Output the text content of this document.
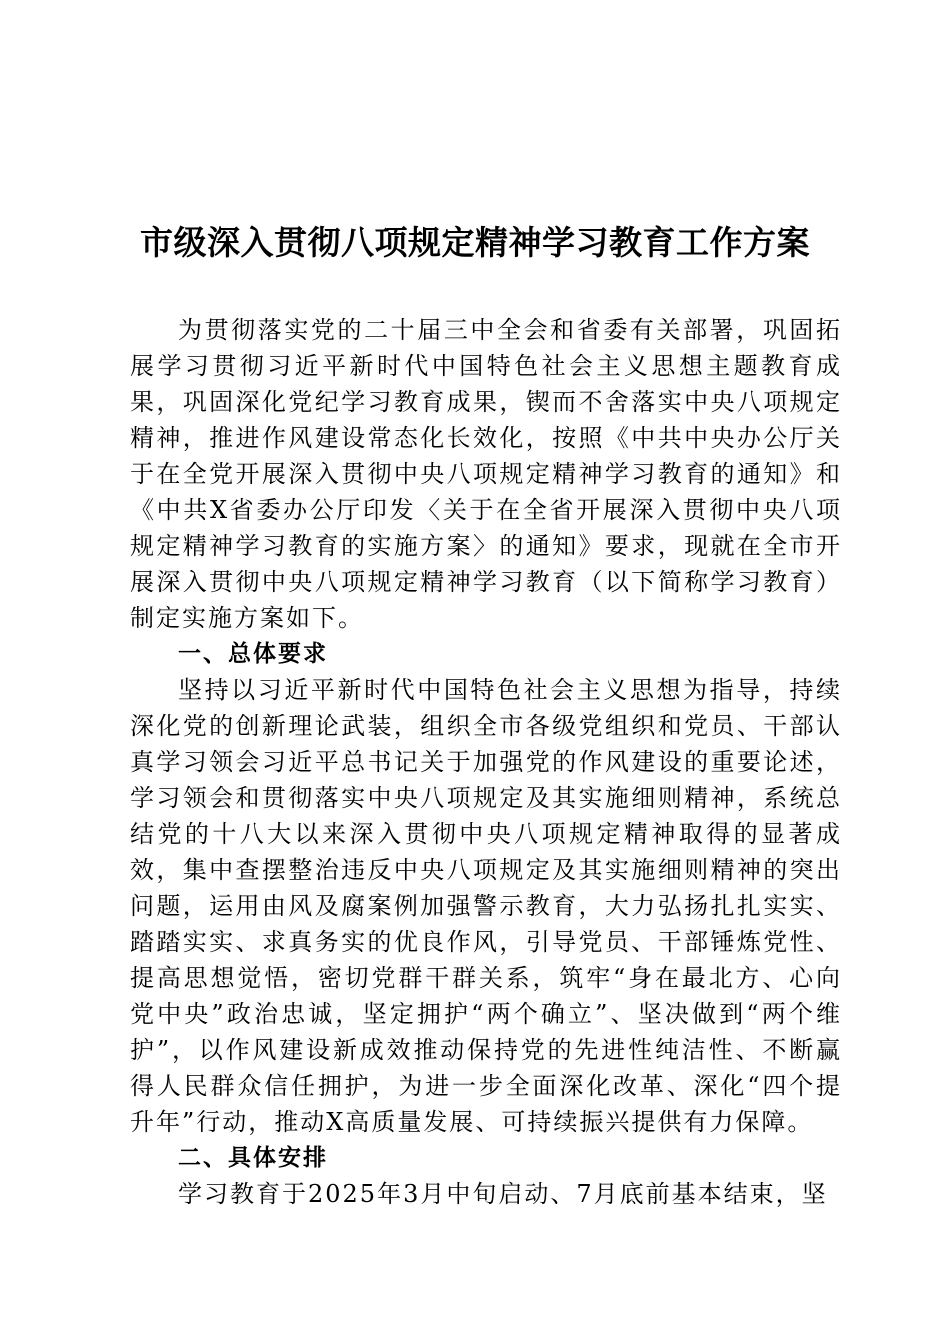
市级深入贯彻八项规定精神学习教育工作方案

为贯彻落实党的二十届三中全会和省委有关部署，巩固拓展学习贯彻习近平新时代中国特色社会主义思想主题教育成果，巩固深化党纪学习教育成果，锲而不舍落实中央八项规定精神，推进作风建设常态化长效化，按照《中共中央办公厅关于在全党开展深入贯彻中央八项规定精神学习教育的通知》和《中共X省委办公厅印发〈关于在全省开展深入贯彻中央八项规定精神学习教育的实施方案〉的通知》要求，现就在全市开展深入贯彻中央八项规定精神学习教育（以下简称学习教育）制定实施方案如下。

一、总体要求

坚持以习近平新时代中国特色社会主义思想为指导，持续深化党的创新理论武装，组织全市各级党组织和党员、干部认真学习领会习近平总书记关于加强党的作风建设的重要论述，学习领会和贯彻落实中央八项规定及其实施细则精神，系统总结党的十八大以来深入贯彻中央八项规定精神取得的显著成效，集中查摆整治违反中央八项规定及其实施细则精神的突出问题，运用由风及腐案例加强警示教育，大力弘扬扎扎实实、踏踏实实、求真务实的优良作风，引导党员、干部锤炼党性、提高思想觉悟，密切党群干群关系，筑牢“身在最北方、心向党中央”政治忠诚，坚定拥护“两个确立”、坚决做到“两个维护”，以作风建设新成效推动保持党的先进性纯洁性、不断赢得人民群众信任拥护，为进一步全面深化改革、深化“四个提升年”行动，推动X高质量发展、可持续振兴提供有力保障。

二、具体安排

学习教育于2025年3月中旬启动、7月底前基本结束，坚
